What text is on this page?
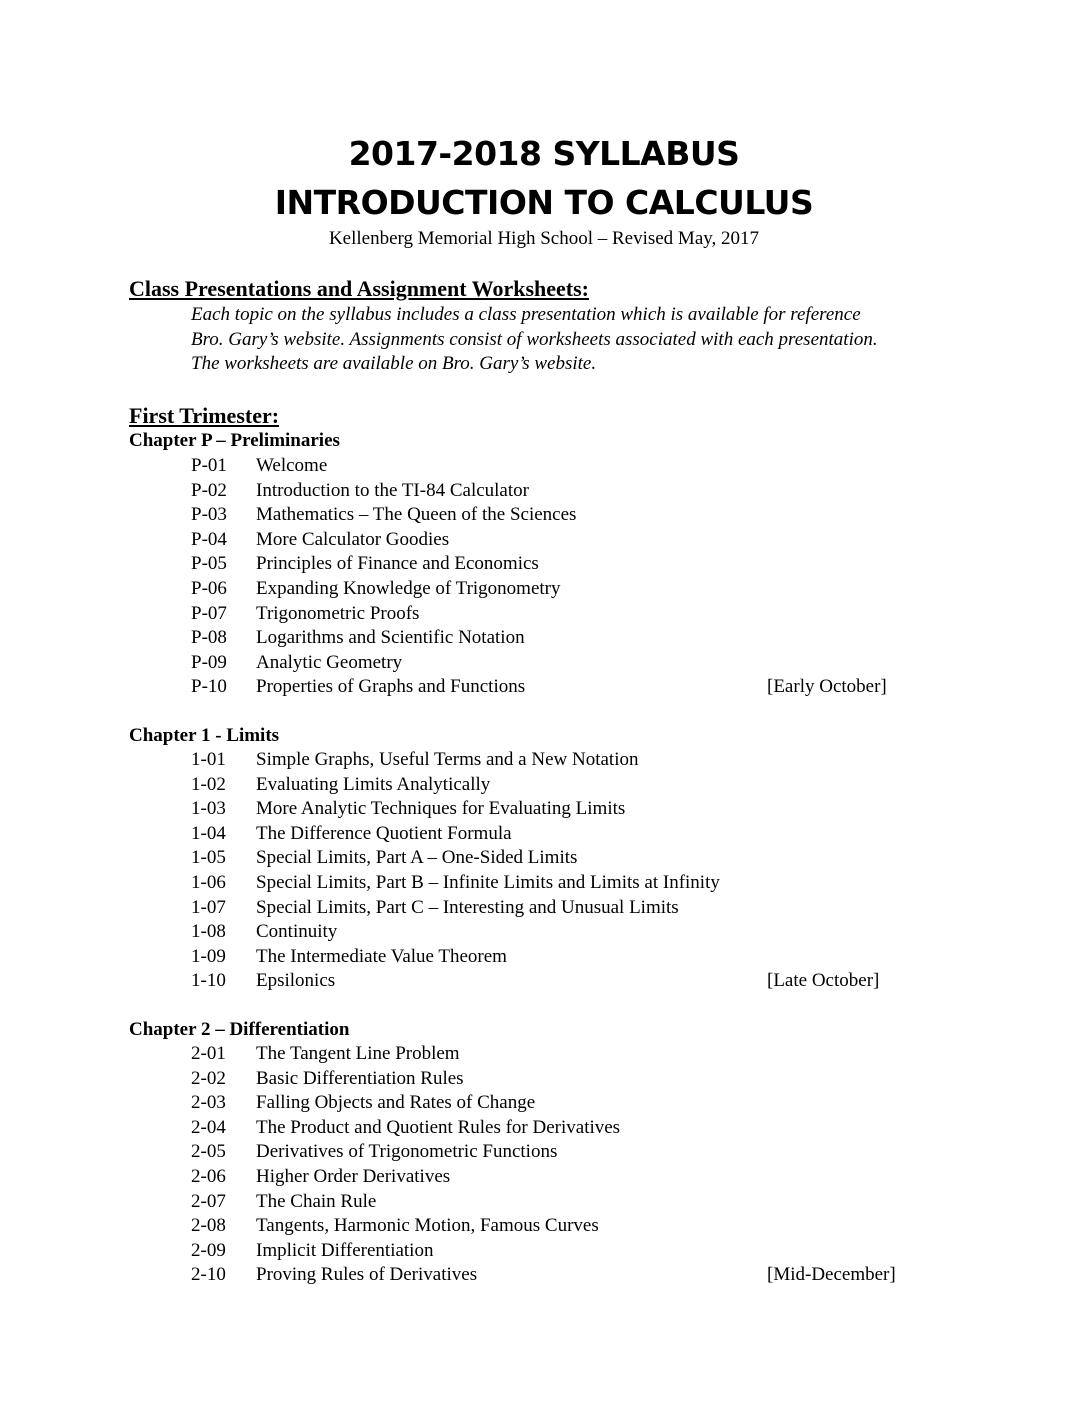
2017-2018 SYLLABUS
INTRODUCTION TO CALCULUS
Kellenberg Memorial High School – Revised May, 2017
Class Presentations and Assignment Worksheets:

Each topic on the syllabus includes a class presentation which is available for reference

Bro. Gary’s website. Assignments consist of worksheets associated with each presentation.

The worksheets are available on Bro. Gary’s website.

First Trimester:
Chapter P – Preliminaries
P-01 Welcome
P-02 Introduction to the TI-84 Calculator
P-03 Mathematics – The Queen of the Sciences
P-04 More Calculator Goodies
P-05 Principles of Finance and Economics
P-06 Expanding Knowledge of Trigonometry
P-07 Trigonometric Proofs
P-08 Logarithms and Scientific Notation
P-09 Analytic Geometry
P-10 Properties of Graphs and Functions	[Early October]
Chapter 1 - Limits
1-01 Simple Graphs, Useful Terms and a New Notation
1-02 Evaluating Limits Analytically
1-03 More Analytic Techniques for Evaluating Limits
1-04 The Difference Quotient Formula
1-05 Special Limits, Part A – One-Sided Limits
1-06 Special Limits, Part B – Infinite Limits and Limits at Infinity
1-07 Special Limits, Part C – Interesting and Unusual Limits
1-08 Continuity
1-09 The Intermediate Value Theorem
1-10 Epsilonics	[Late October]
Chapter 2 – Differentiation
2-01 The Tangent Line Problem
2-02 Basic Differentiation Rules
2-03 Falling Objects and Rates of Change
2-04 The Product and Quotient Rules for Derivatives
2-05 Derivatives of Trigonometric Functions
2-06 Higher Order Derivatives
2-07 The Chain Rule
2-08 Tangents, Harmonic Motion, Famous Curves
2-09 Implicit Differentiation
2-10 Proving Rules of Derivatives	[Mid-December]
